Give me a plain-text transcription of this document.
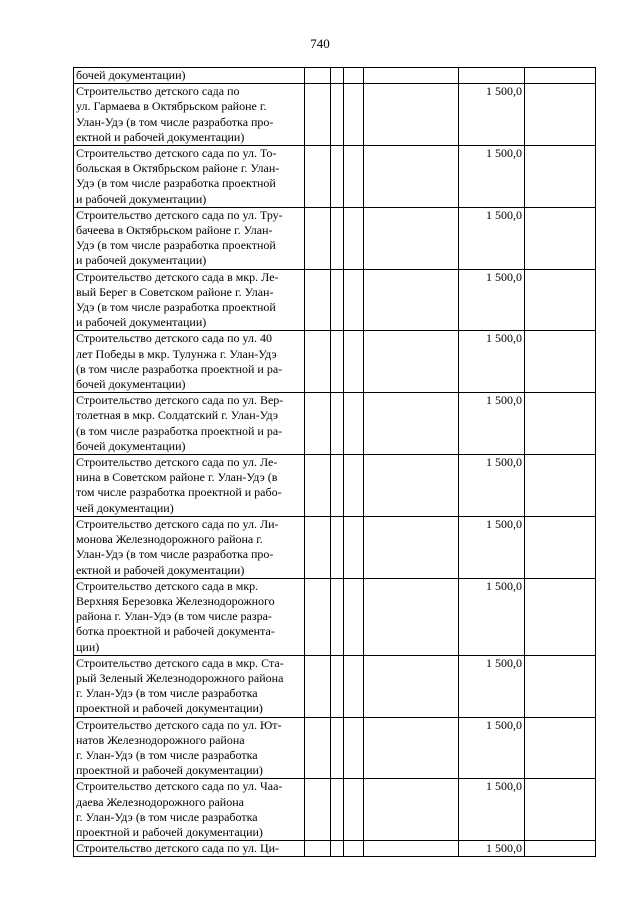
740
бочей документации)						

Строительство детского сада по
ул. Гармаева в Октябрьском районе г.
Улан-Удэ (в том числе разработка про-
ектной и рабочей документации)					1 500,0	

Строительство детского сада по ул. То-
больская в Октябрьском районе г. Улан-
Удэ (в том числе разработка проектной
и рабочей документации)					1 500,0	

Строительство детского сада по ул. Тру-
бачеева в Октябрьском районе г. Улан-
Удэ (в том числе разработка проектной
и рабочей документации)					1 500,0	

Строительство детского сада в мкр. Ле-
вый Берег в Советском районе г. Улан-
Удэ (в том числе разработка проектной
и рабочей документации)					1 500,0	

Строительство детского сада по ул. 40
лет Победы в мкр. Тулунжа г. Улан-Удэ
(в том числе разработка проектной и ра-
бочей документации)					1 500,0	

Строительство детского сада по ул. Вер-
толетная в мкр. Солдатский г. Улан-Удэ
(в том числе разработка проектной и ра-
бочей документации)					1 500,0	

Строительство детского сада по ул. Ле-
нина в Советском районе г. Улан-Удэ (в
том числе разработка проектной и рабо-
чей документации)					1 500,0	

Строительство детского сада по ул. Ли-
монова Железнодорожного района г.
Улан-Удэ (в том числе разработка про-
ектной и рабочей документации)					1 500,0	

Строительство детского сада в мкр.
Верхняя Березовка Железнодорожного
района г. Улан-Удэ (в том числе разра-
ботка проектной и рабочей документа-
ции)					1 500,0	

Строительство детского сада в мкр. Ста-
рый Зеленый Железнодорожного района
г. Улан-Удэ (в том числе разработка
проектной и рабочей документации)					1 500,0	

Строительство детского сада по ул. Ют-
натов Железнодорожного района
г. Улан-Удэ (в том числе разработка
проектной и рабочей документации)					1 500,0	

Строительство детского сада по ул. Чаа-
даева Железнодорожного района
г. Улан-Удэ (в том числе разработка
проектной и рабочей документации)					1 500,0	

Строительство детского сада по ул. Ци-					1 500,0	
